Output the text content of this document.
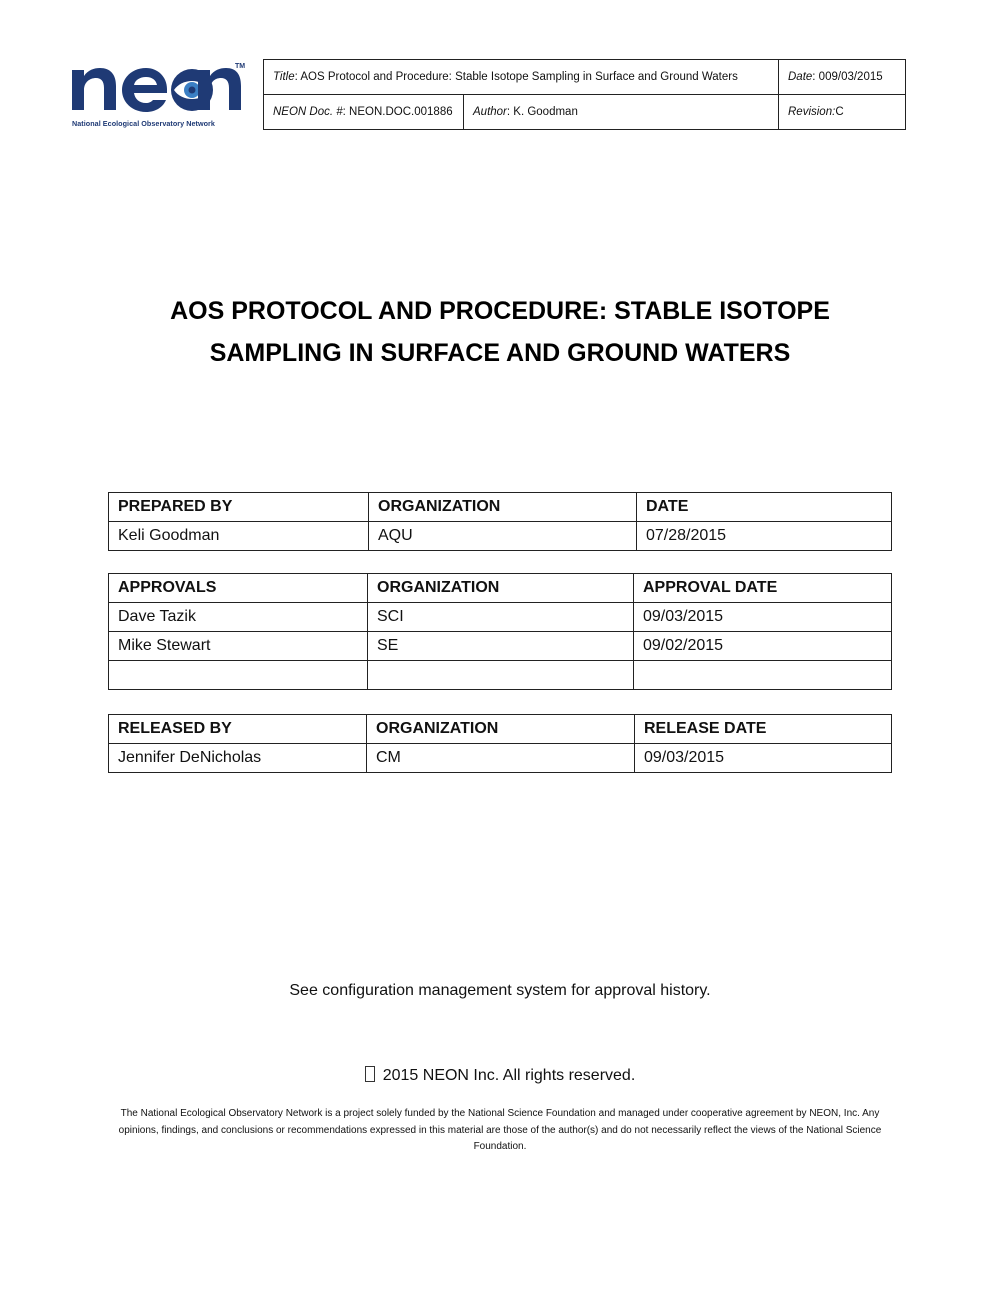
TM
National Ecological Observatory Network
Title : AOS Protocol and Procedure: Stable Isotope Sampling in Surface and Ground Waters	Date : 009/03/2015
NEON Doc. # : NEON.DOC.001886 Author : K. Goodman	Revision: C
AOS PROTOCOL AND PROCEDURE: STABLE ISOTOPE
SAMPLING IN SURFACE AND GROUND WATERS
PREPARED BY	ORGANIZATION	DATE
Keli Goodman	AQU	07/28/2015
APPROVALS	ORGANIZATION	APPROVAL DATE
Dave Tazik	SCI	09/03/2015
Mike Stewart	SE	09/02/2015

RELEASED BY	ORGANIZATION	RELEASE DATE
Jennifer DeNicholas	CM	09/03/2015
See configuration management system for approval history.
2015 NEON Inc. All rights reserved.
The National Ecological Observatory Network is a project solely funded by the National Science Foundation and managed under cooperative agreement by NEON, Inc. Any opinions, findings, and conclusions or recommendations expressed in this material are those of the author(s) and do not necessarily reflect the views of the National Science Foundation.
